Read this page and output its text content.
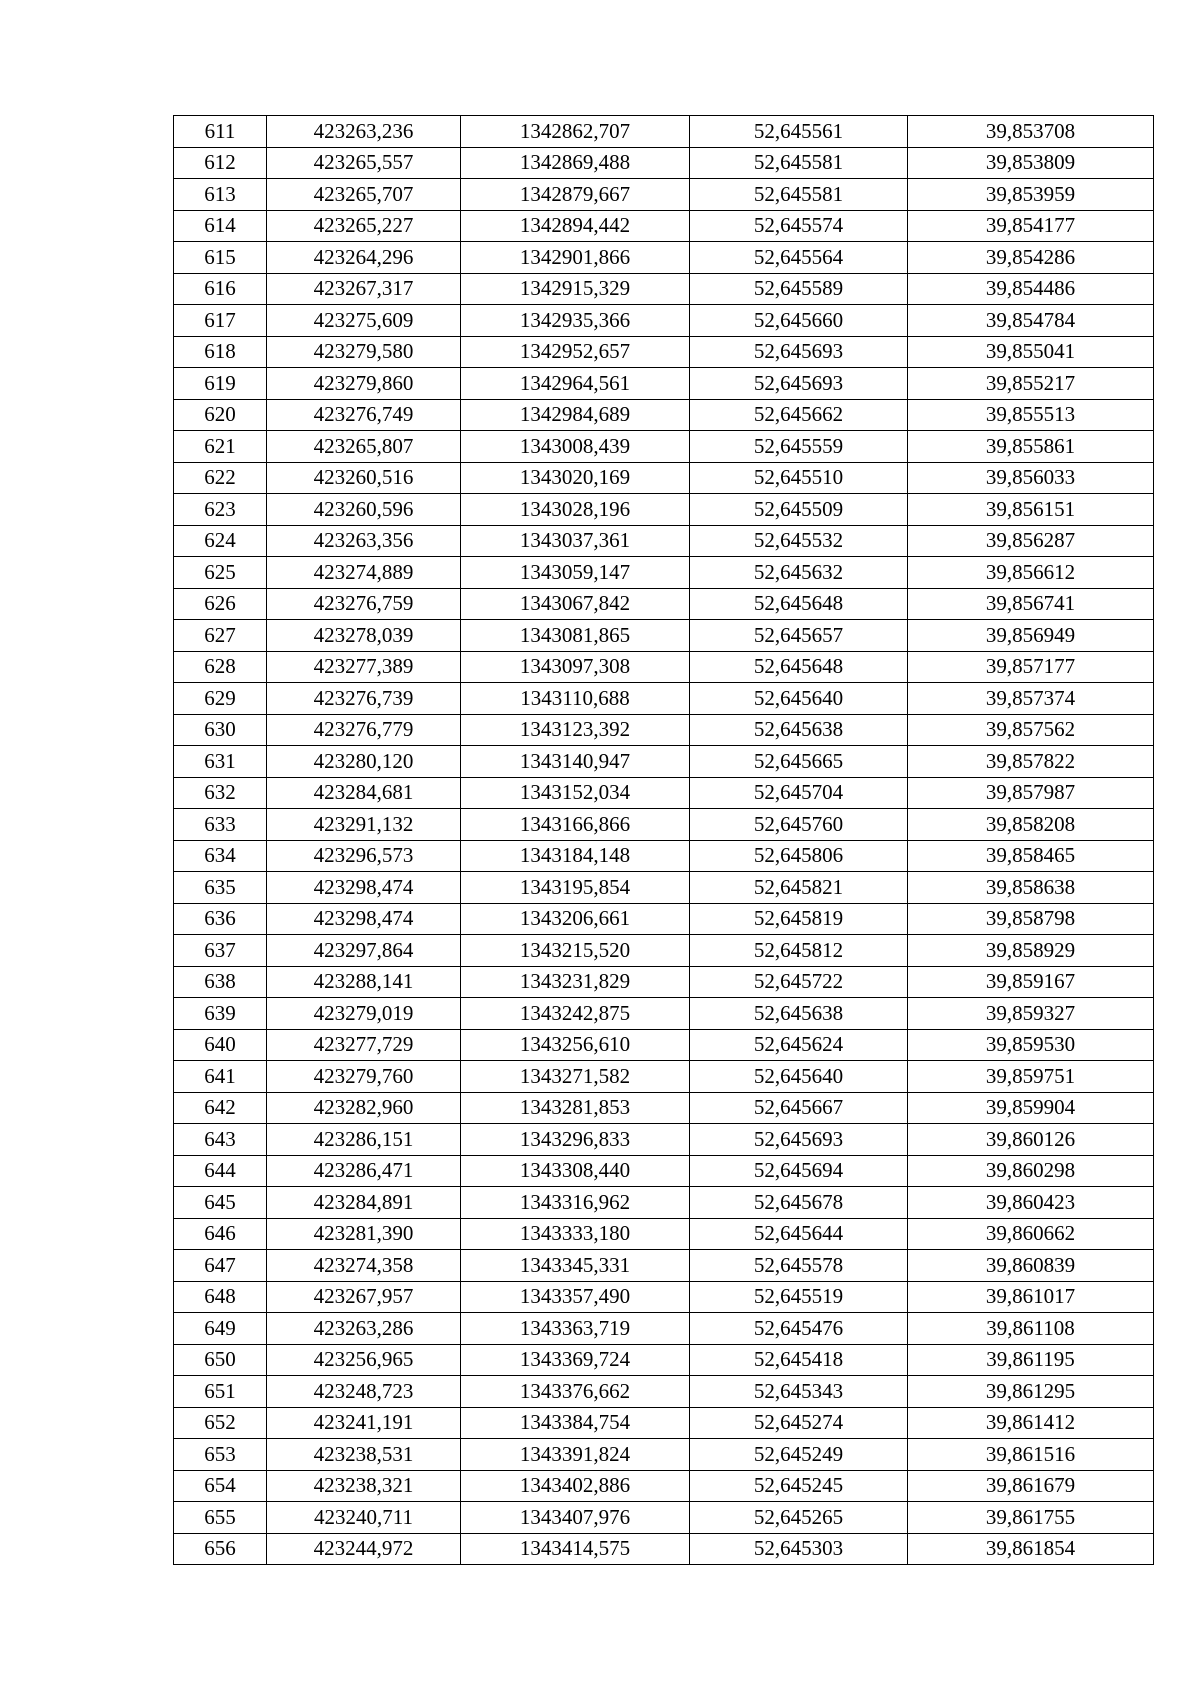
611	423263,236	1342862,707	52,645561	39,853708
612	423265,557	1342869,488	52,645581	39,853809
613	423265,707	1342879,667	52,645581	39,853959
614	423265,227	1342894,442	52,645574	39,854177
615	423264,296	1342901,866	52,645564	39,854286
616	423267,317	1342915,329	52,645589	39,854486
617	423275,609	1342935,366	52,645660	39,854784
618	423279,580	1342952,657	52,645693	39,855041
619	423279,860	1342964,561	52,645693	39,855217
620	423276,749	1342984,689	52,645662	39,855513
621	423265,807	1343008,439	52,645559	39,855861
622	423260,516	1343020,169	52,645510	39,856033
623	423260,596	1343028,196	52,645509	39,856151
624	423263,356	1343037,361	52,645532	39,856287
625	423274,889	1343059,147	52,645632	39,856612
626	423276,759	1343067,842	52,645648	39,856741
627	423278,039	1343081,865	52,645657	39,856949
628	423277,389	1343097,308	52,645648	39,857177
629	423276,739	1343110,688	52,645640	39,857374
630	423276,779	1343123,392	52,645638	39,857562
631	423280,120	1343140,947	52,645665	39,857822
632	423284,681	1343152,034	52,645704	39,857987
633	423291,132	1343166,866	52,645760	39,858208
634	423296,573	1343184,148	52,645806	39,858465
635	423298,474	1343195,854	52,645821	39,858638
636	423298,474	1343206,661	52,645819	39,858798
637	423297,864	1343215,520	52,645812	39,858929
638	423288,141	1343231,829	52,645722	39,859167
639	423279,019	1343242,875	52,645638	39,859327
640	423277,729	1343256,610	52,645624	39,859530
641	423279,760	1343271,582	52,645640	39,859751
642	423282,960	1343281,853	52,645667	39,859904
643	423286,151	1343296,833	52,645693	39,860126
644	423286,471	1343308,440	52,645694	39,860298
645	423284,891	1343316,962	52,645678	39,860423
646	423281,390	1343333,180	52,645644	39,860662
647	423274,358	1343345,331	52,645578	39,860839
648	423267,957	1343357,490	52,645519	39,861017
649	423263,286	1343363,719	52,645476	39,861108
650	423256,965	1343369,724	52,645418	39,861195
651	423248,723	1343376,662	52,645343	39,861295
652	423241,191	1343384,754	52,645274	39,861412
653	423238,531	1343391,824	52,645249	39,861516
654	423238,321	1343402,886	52,645245	39,861679
655	423240,711	1343407,976	52,645265	39,861755
656	423244,972	1343414,575	52,645303	39,861854
